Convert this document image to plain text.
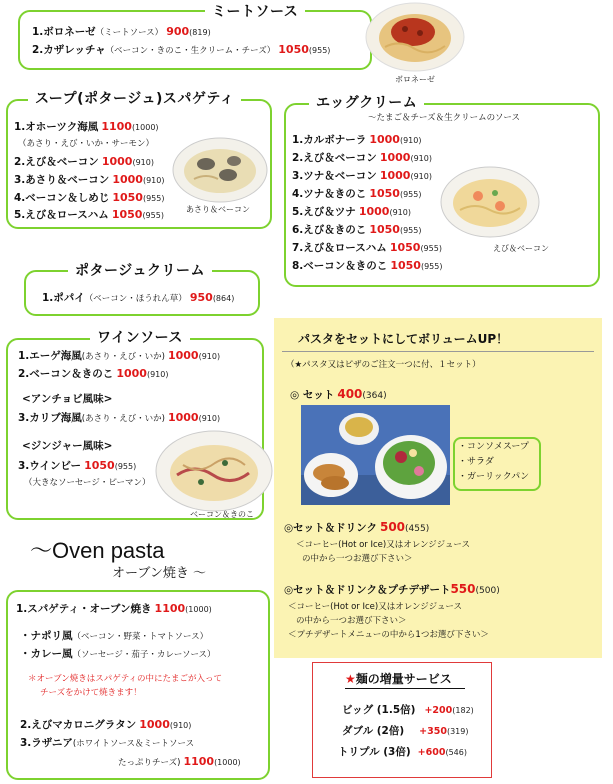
ミートソース
1.ボロネーゼ（ミートソース） 900(819)
2.カザレッチャ（ベーコン・きのこ・生クリーム・チーズ） 1050(955)
ボロネーゼ
スープ(ポタージュ)スパゲティ
1.オホーツク海風 1100(1000)
（あさり・えび・いか・サーモン）
2.えび＆ベーコン 1000(910)
3.あさり＆ベーコン 1000(910)
4.ベーコン＆しめじ 1050(955)
5.えび＆ロースハム 1050(955)
あさり＆ベーコン
エッグクリーム
〜たまご＆チーズ＆生クリームのソース
1.カルボナーラ 1000(910)
2.えび＆ベーコン 1000(910)
3.ツナ＆ベーコン 1000(910)
4.ツナ＆きのこ 1050(955)
5.えび＆ツナ 1000(910)
6.えび＆きのこ 1050(955)
7.えび＆ロースハム 1050(955)
8.ベーコン＆きのこ 1050(955)
えび＆ベーコン
ポタージュクリーム
1.ポパイ（ベーコン・ほうれん草） 950(864)
ワインソース
1.エーゲ海風(あさり・えび・いか) 1000(910)
2.ベーコン＆きのこ 1000(910)
<アンチョビ風味>
3.カリブ海風(あさり・えび・いか) 1000(910)
<ジンジャー風味>
3.ウインビー 1050(955)
（大きなソーセージ・ピーマン）
ベーコン＆きのこ
〜Oven pasta
オーブン焼き 〜
1.スパゲティ・オーブン焼き 1100(1000)
・ナポリ風（ベーコン・野菜・トマトソース）
・カレー風（ソーセージ・茄子・カレーソース）
＊オーブン焼きはスパゲティの中にたまごが入って
チーズをかけて焼きます！
2.えびマカロニグラタン 1000(910)
3.ラザニア(ホワイトソース＆ミートソース
たっぷりチーズ) 1100(1000)
パスタをセットにしてボリュームUP！
（★パスタ又はピザのご注文一つに付、１セット）
◎ セット 400(364)
・コンソメスープ
・サラダ
・ガーリックパン
◎セット＆ドリンク 500(455)
＜コーヒー(Hot or Ice)又はオレンジジュース
の中から一つお選び下さい＞
◎セット＆ドリンク＆プチデザート550(500)
＜コーヒー(Hot or Ice)又はオレンジジュース
の中から一つお選び下さい＞
＜プチデザートメニューの中から1つお選び下さい＞
★麺の増量サービス
ビッグ (1.5倍) +200(182)
ダブル (2倍) +350(319)
トリプル (3倍) +600(546)
